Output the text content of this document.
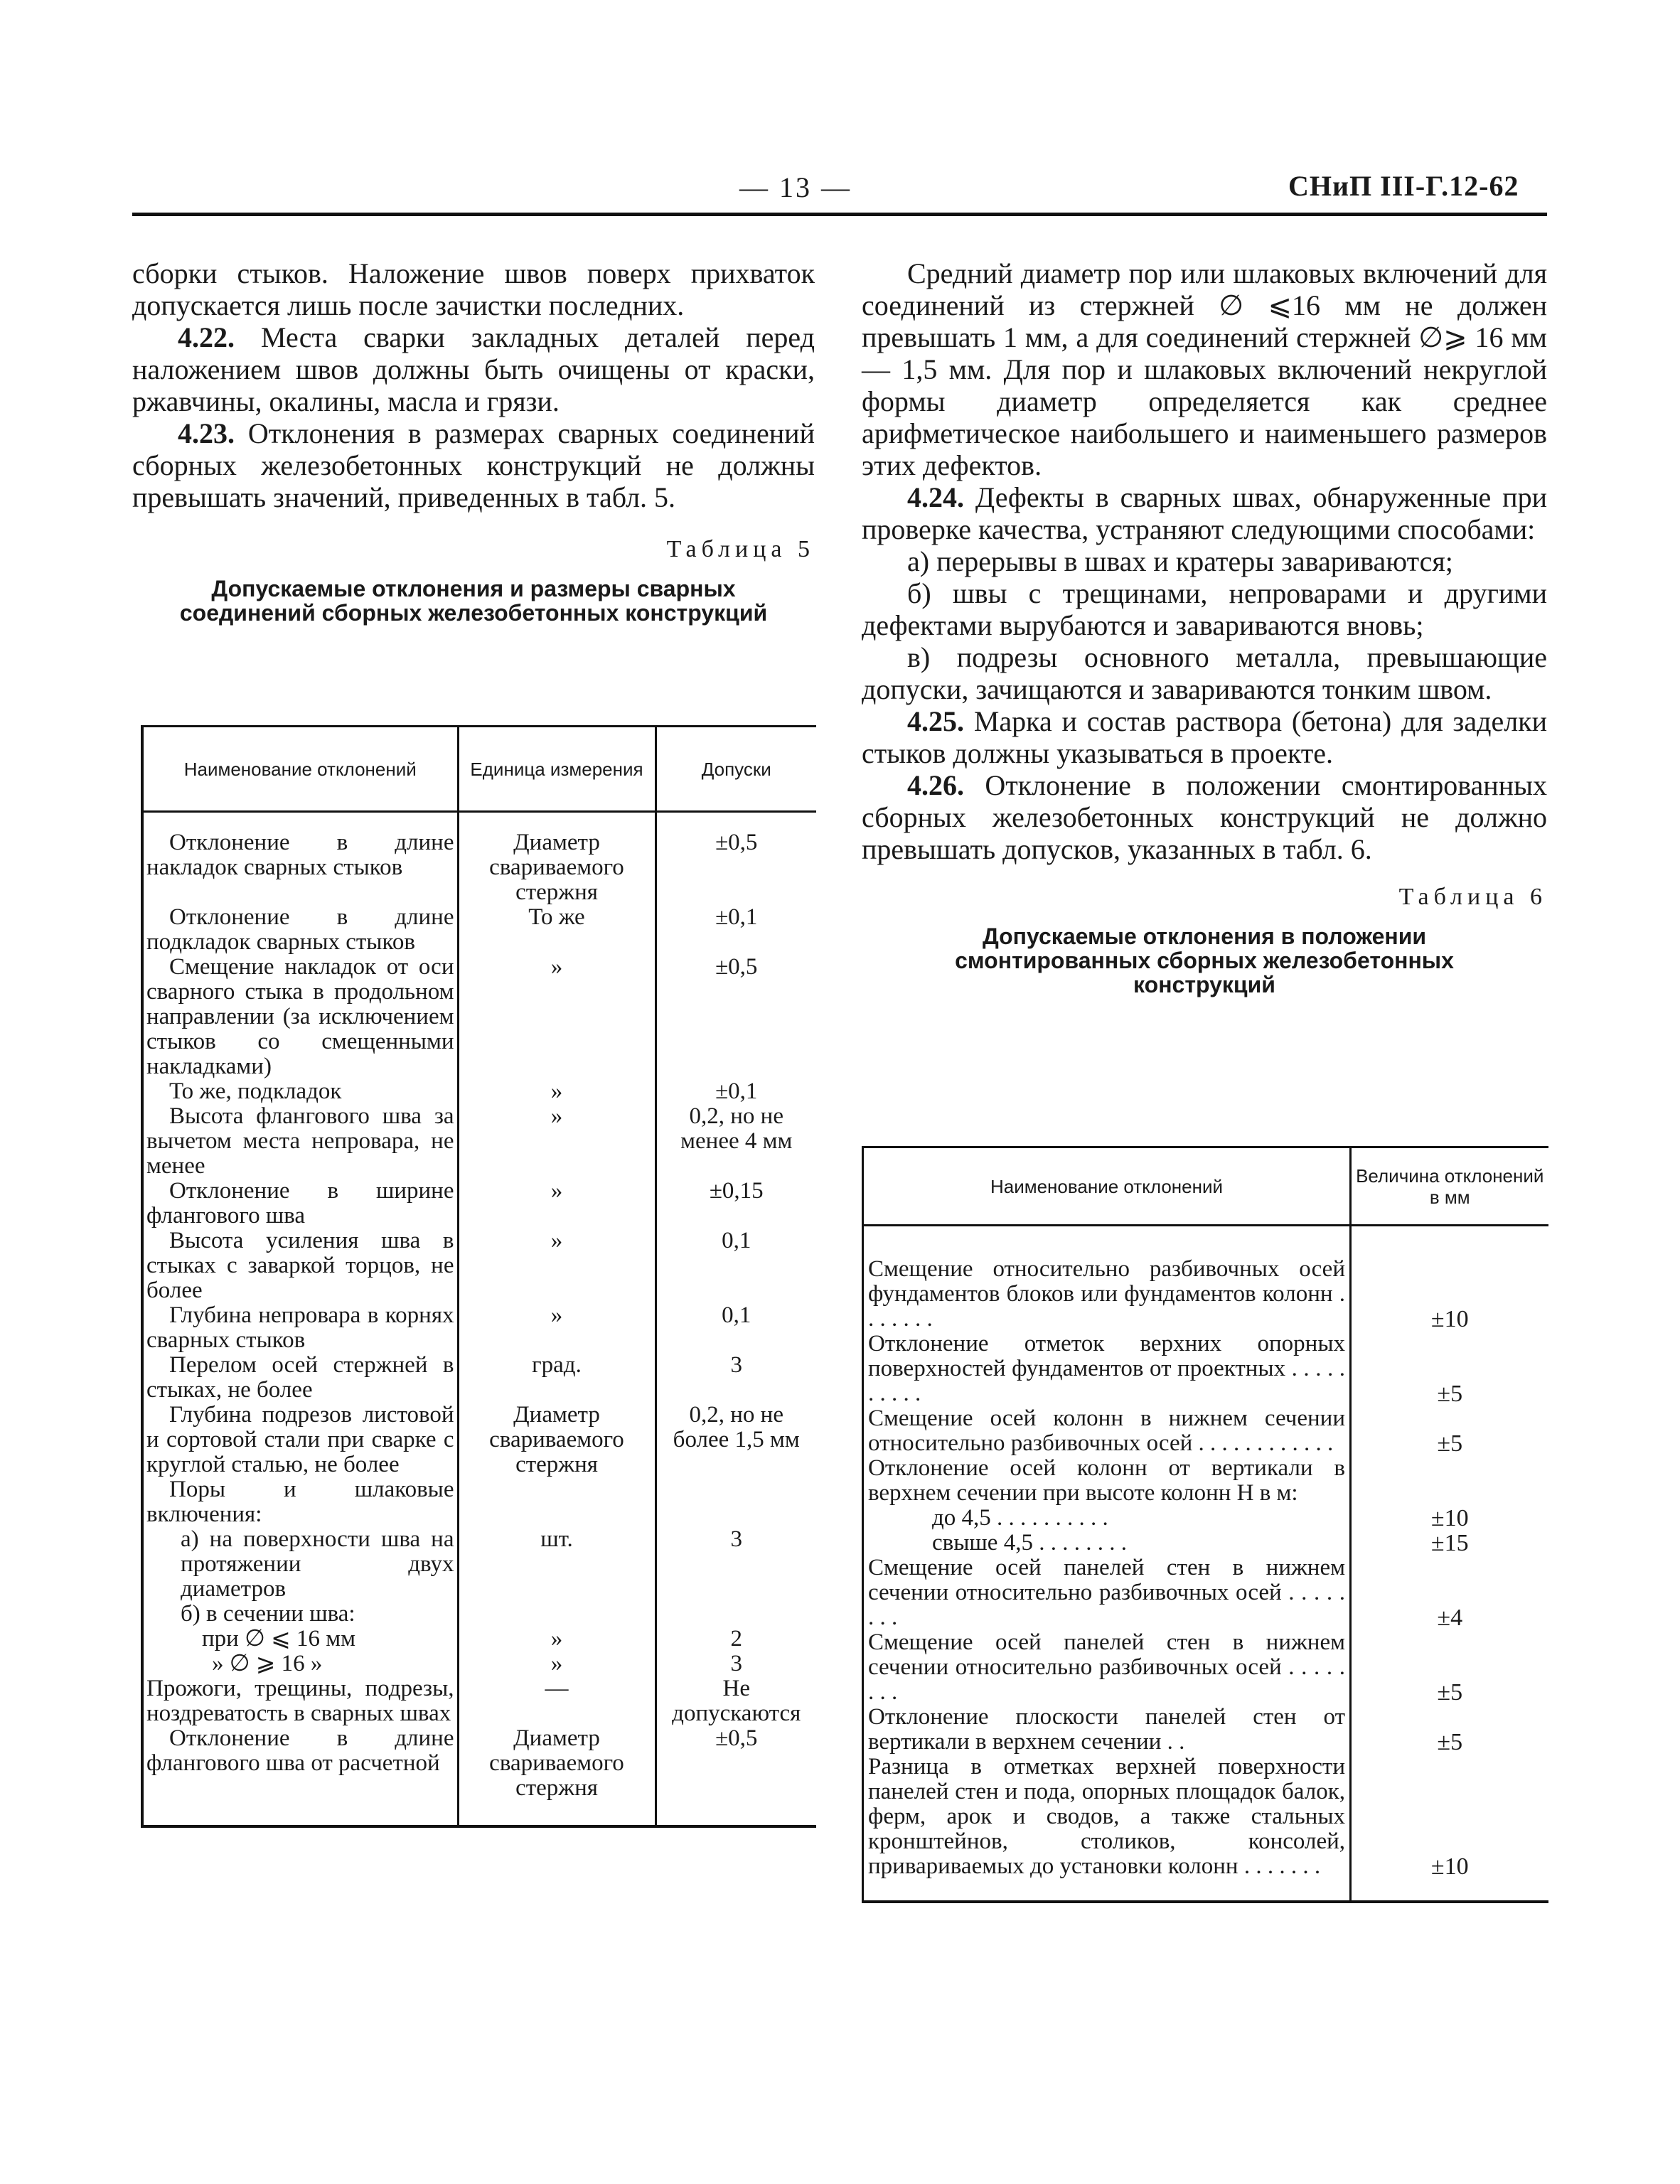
— 13 —	СНиП III-Г.12-62

сборки стыков. Наложение швов поверх прихваток допускается лишь после зачистки последних.

4.22. Места сварки закладных деталей перед наложением швов должны быть очищены от краски, ржавчины, окалины, масла и грязи.

4.23. Отклонения в размерах сварных соединений сборных железобетонных конструкций не должны превышать значений, приведенных в табл. 5.

Таблица 5
Допускаемые отклонения и размеры сварных соединений сборных железобетонных конструкций
Наименование отклонений	Единица измерения	Допуски

Отклонение в длине накладок сварных стыков	Диаметр свариваемого стержня	±0,5
Отклонение в длине подкладок сварных стыков	То же	±0,1
Смещение накладок от оси сварного стыка в продольном направлении (за исключением стыков со смещенными накладками)	»	±0,5
То же, подкладок	»	±0,1
Высота флангового шва за вычетом места непровара, не менее	»	0,2, но не менее 4 мм
Отклонение в ширине флангового шва	»	±0,15
Высота усиления шва в стыках с заваркой торцов, не более	»	0,1
Глубина непровара в корнях сварных стыков	»	0,1
Перелом осей стержней в стыках, не более	град.	3
Глубина подрезов листовой и сортовой стали при сварке с круглой сталью, не более	Диаметр свариваемого стержня	0,2, но не более 1,5 мм
Поры и шлаковые включения:		
а) на поверхности шва на протяжении двух диаметров	шт.	3
б) в сечении шва:		
при ∅ ⩽ 16 мм	»	2
» ∅ ⩾ 16 »	»	3
Прожоги, трещины, подрезы, ноздреватость в сварных швах	—	Не допускаются
Отклонение в длине флангового шва от расчетной	Диаметр свариваемого стержня	±0,5

Средний диаметр пор или шлаковых включений для соединений из стержней ∅ ⩽16 мм не должен превышать 1 мм, а для соединений стержней ∅⩾ 16 мм — 1,5 мм. Для пор и шлаковых включений некруглой формы диаметр определяется как среднее арифметическое наибольшего и наименьшего размеров этих дефектов.

4.24. Дефекты в сварных швах, обнаруженные при проверке качества, устраняют следующими способами:

а) перерывы в швах и кратеры завариваются;

б) швы с трещинами, непроварами и другими дефектами вырубаются и завариваются вновь;

в) подрезы основного металла, превышающие допуски, зачищаются и завариваются тонким швом.

4.25. Марка и состав раствора (бетона) для заделки стыков должны указываться в проекте.

4.26. Отклонение в положении смонтированных сборных железобетонных конструкций не должно превышать допусков, указанных в табл. 6.

Таблица 6
Допускаемые отклонения в положении смонтированных сборных железобетонных конструкций
Наименование отклонений	Величина отклонений в мм

Смещение относительно разбивочных осей фундаментов блоков или фундаментов колонн . . . . . . .	±10
Отклонение отметок верхних опорных поверхностей фундаментов от проектных . . . . . . . . . .	±5
Смещение осей колонн в нижнем сечении относительно разбивочных осей . . . . . . . . . . . .	±5
Отклонение осей колонн от вертикали в верхнем сечении при высоте колонн H в м:	
до 4,5 . . . . . . . . . .	±10
свыше 4,5 . . . . . . . .	±15
Смещение осей панелей стен в нижнем сечении относительно разбивочных осей . . . . . . . .	±4
Смещение осей панелей стен в нижнем сечении относительно разбивочных осей . . . . . . . .	±5
Отклонение плоскости панелей стен от вертикали в верхнем сечении . .	±5
Разница в отметках верхней поверхности панелей стен и пода, опорных площадок балок, ферм, арок и сводов, а также стальных кронштейнов, столиков, консолей, привариваемых до установки колонн . . . . . . .	±10
